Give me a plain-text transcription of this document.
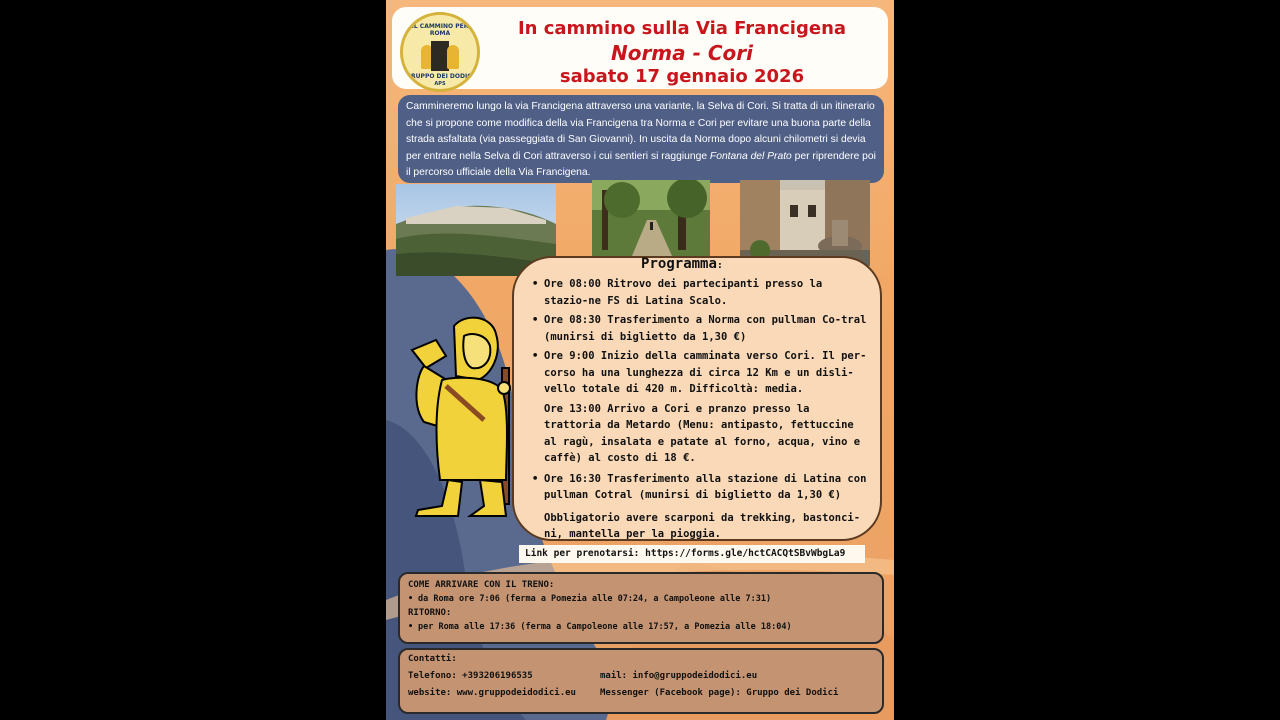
IL CAMMINO PER ROMA
GRUPPO DEI DODICI
APS
In cammino sulla Via Francigena
Norma - Cori
sabato 17 gennaio 2026
Cammineremo lungo la via Francigena attraverso una variante, la Selva di Cori. Si tratta di un itinerario che si propone come modifica della via Francigena tra Norma e Cori per evitare una buona parte della strada asfaltata (via passeggiata di San Giovanni). In uscita da Norma dopo alcuni chilometri si devia per entrare nella Selva di Cori attraverso i cui sentieri si raggiunge Fontana del Prato per riprendere poi il percorso ufficiale della Via Francigena.
Programma:
• Ore 08:00 Ritrovo dei partecipanti presso la stazio-ne FS di Latina Scalo.
• Ore 08:30 Trasferimento a Norma con pullman Co-tral (munirsi di biglietto da 1,30 €)
• Ore 9:00 Inizio della camminata verso Cori. Il per-corso ha una lunghezza di circa 12 Km e un disli-vello totale di 420 m. Difficoltà: media.
Ore 13:00 Arrivo a Cori e pranzo presso la trattoria da Metardo (Menu: antipasto, fettuccine al ragù, insalata e patate al forno, acqua, vino e caffè) al costo di 18 €.
• Ore 16:30 Trasferimento alla stazione di Latina con pullman Cotral (munirsi di biglietto da 1,30 €)
Obbligatorio avere scarponi da trekking, bastonci-ni, mantella per la pioggia.
Link per prenotarsi: https://forms.gle/hctCACQtSBvWbgLa9
COME ARRIVARE CON IL TRENO:
• da Roma ore 7:06 (ferma a Pomezia alle 07:24, a Campoleone alle 7:31)
RITORNO:
• per Roma alle 17:36 (ferma a Campoleone alle 17:57, a Pomezia alle 18:04)
Contatti:
Telefono: +393206196535	mail: info@gruppodeidodici.eu
website: www.gruppodeidodici.eu	Messenger (Facebook page): Gruppo dei Dodici
